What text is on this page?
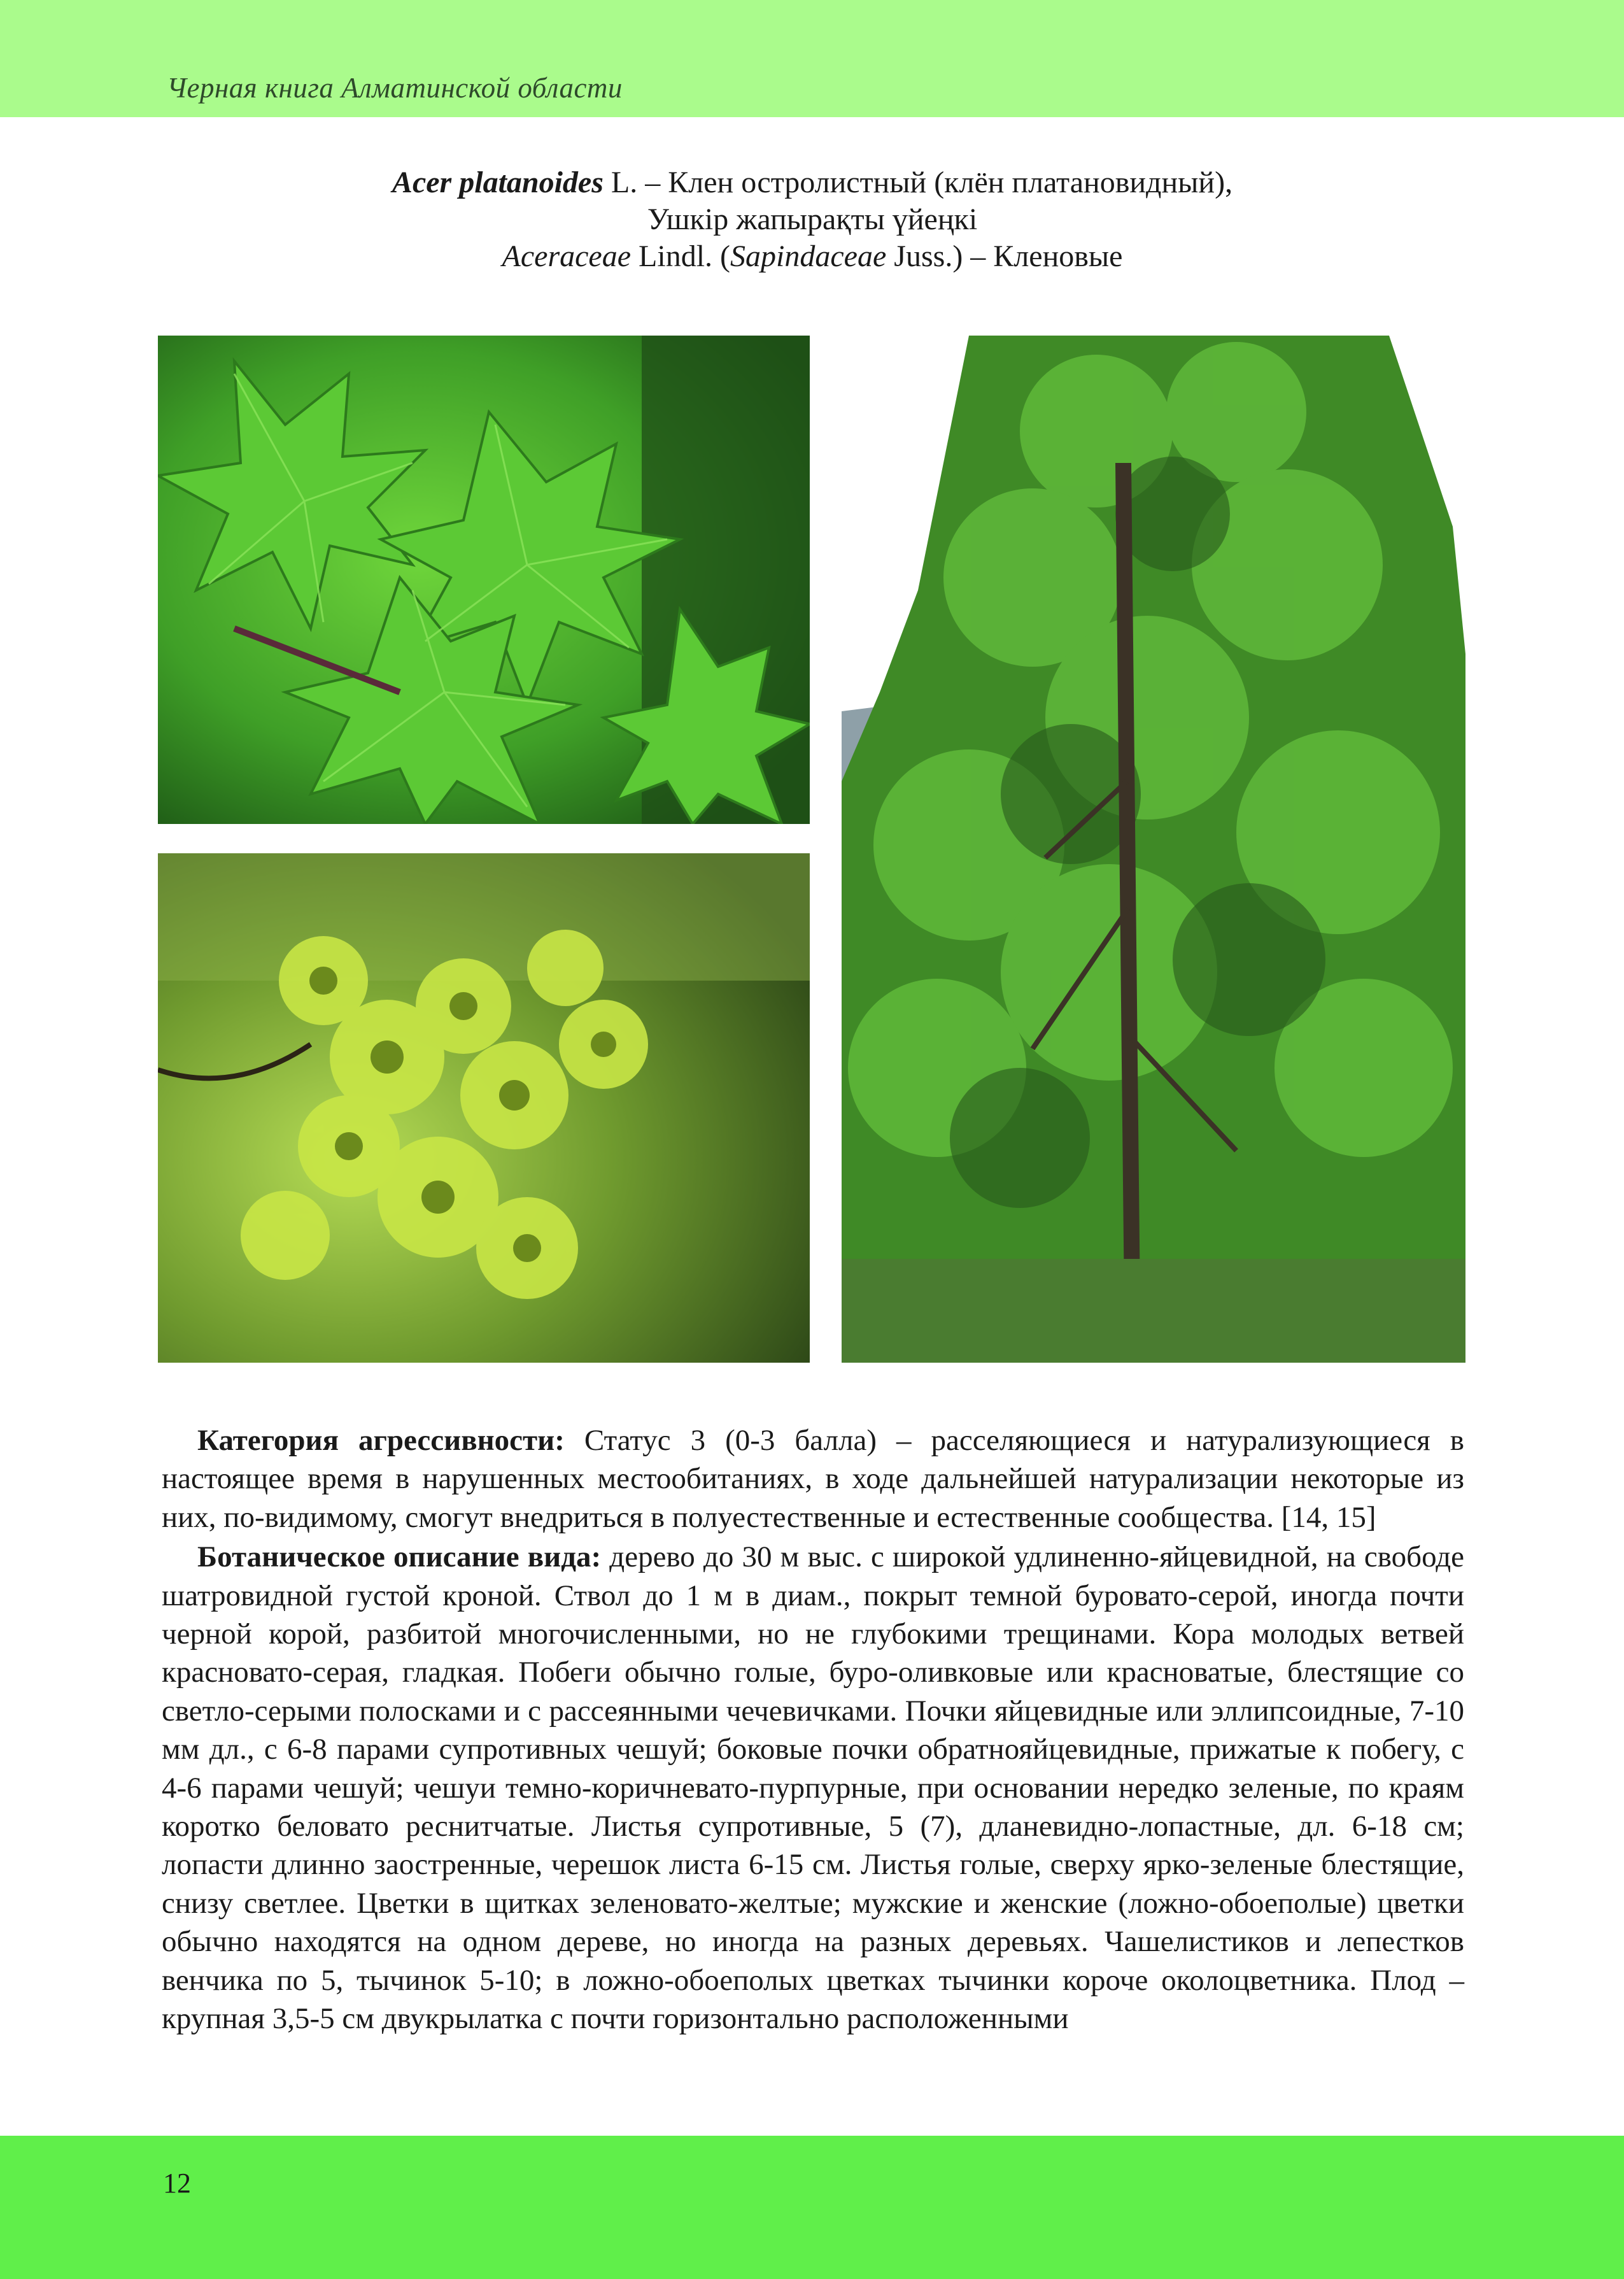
Черная книга Алматинской области
Acer platanoides L. – Клен остролистный (клён платановидный),
Ушкір жапырақты үйеңкі
Aceraceae Lindl. (Sapindaceae Juss.) – Кленовые

Категория агрессивности: Статус 3 (0-3 балла) – расселяющиеся и натурализующиеся в настоящее время в нарушенных местообитаниях, в ходе дальнейшей натурализации некоторые из них, по-видимому, смогут внедриться в полуестественные и естественные сообщества. [14, 15]

Ботаническое описание вида: дерево до 30 м выс. с широкой удлиненно-яйцевидной, на свободе шатровидной густой кроной. Ствол до 1 м в диам., покрыт темной буровато-серой, иногда почти черной корой, разбитой многочисленными, но не глубокими трещинами. Кора молодых ветвей красновато-серая, гладкая. Побеги обычно голые, буро-оливковые или красноватые, блестящие со светло-серыми полосками и с рассеянными чечевичками. Почки яйцевидные или эллипсоидные, 7-10 мм дл., с 6-8 парами супротивных чешуй; боковые почки обратнояйцевидные, прижатые к побегу, с 4-6 парами чешуй; чешуи темно-коричневато-пурпурные, при основании нередко зеленые, по краям коротко беловато реснитчатые. Листья супротивные, 5 (7), дланевидно-лопастные, дл. 6-18 см; лопасти длинно заостренные, черешок листа 6-15 см. Листья голые, сверху ярко-зеленые блестящие, снизу светлее. Цветки в щитках зеленовато-желтые; мужские и женские (ложно-обоеполые) цветки обычно находятся на одном дереве, но иногда на разных деревьях. Чашелистиков и лепестков венчика по 5, тычинок 5-10; в ложно-обоеполых цветках тычинки короче околоцветника. Плод – крупная 3,5-5 см двукрылатка с почти горизонтально расположенными

12
